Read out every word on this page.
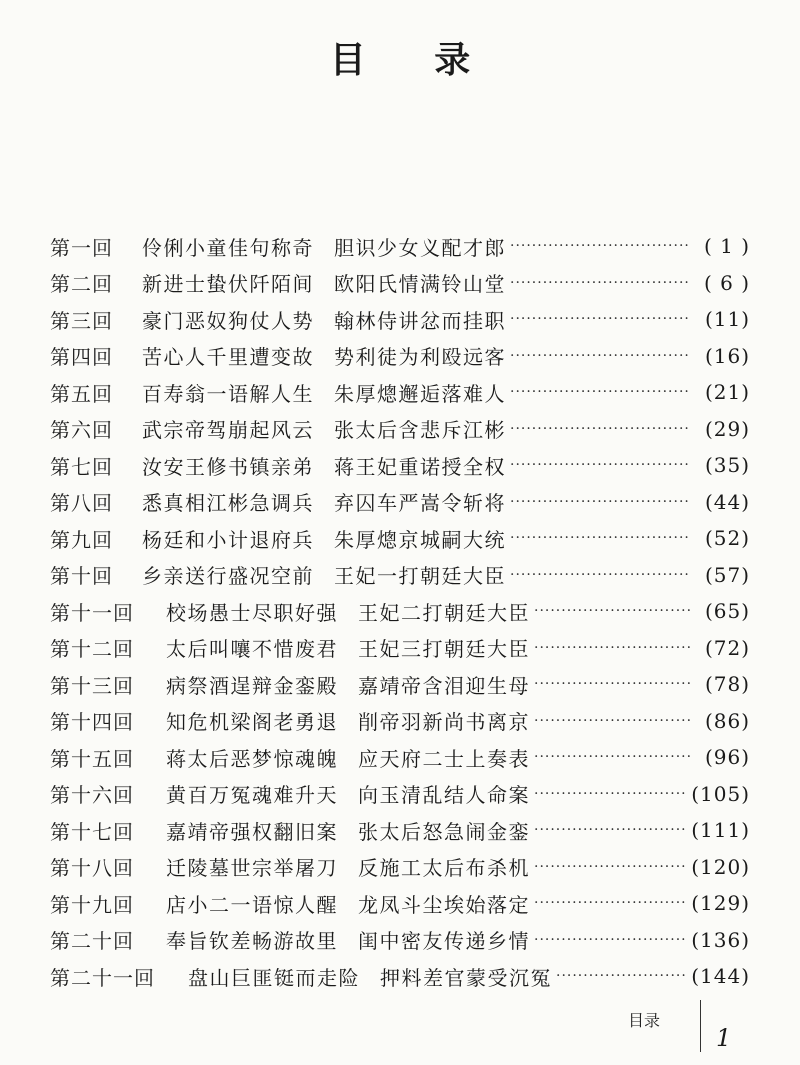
目 录
第一回	伶俐小童佳句称奇 胆识少女义配才郎 ·····	( 1 )
第二回	新进士蛰伏阡陌间 欧阳氏情满铃山堂 ·····	( 6 )
第三回	豪门恶奴狗仗人势 翰林侍讲忿而挂职 ·····	(11)
第四回	苦心人千里遭变故 势利徒为利殴远客 ·····	(16)
第五回	百寿翁一语解人生 朱厚熜邂逅落难人 ·····	(21)
第六回	武宗帝驾崩起风云 张太后含悲斥江彬 ·····	(29)
第七回	汝安王修书镇亲弟 蒋王妃重诺授全权 ·····	(35)
第八回	悉真相江彬急调兵 弃囚车严嵩令斩将 ·····	(44)
第九回	杨廷和小计退府兵 朱厚熜京城嗣大统 ·····	(52)
第十回	乡亲送行盛况空前 王妃一打朝廷大臣 ·····	(57)
第十一回	校场愚士尽职好强 王妃二打朝廷大臣 ·····	(65)
第十二回	太后叫嚷不惜废君 王妃三打朝廷大臣 ·····	(72)
第十三回	病祭酒逞辩金銮殿 嘉靖帝含泪迎生母 ·····	(78)
第十四回	知危机梁阁老勇退 削帝羽新尚书离京 ·····	(86)
第十五回	蒋太后恶梦惊魂魄 应天府二士上奏表 ·····	(96)
第十六回	黄百万冤魂难升天 向玉清乱结人命案 ·····	(105)
第十七回	嘉靖帝强权翻旧案 张太后怒急闹金銮 ·····	(111)
第十八回	迁陵墓世宗举屠刀 反施工太后布杀机 ·····	(120)
第十九回	店小二一语惊人醒 龙凤斗尘埃始落定 ·····	(129)
第二十回	奉旨钦差畅游故里 闺中密友传递乡情 ·····	(136)
第二十一回	盘山巨匪铤而走险 押料差官蒙受沉冤 ·····	(144)
目录
1
